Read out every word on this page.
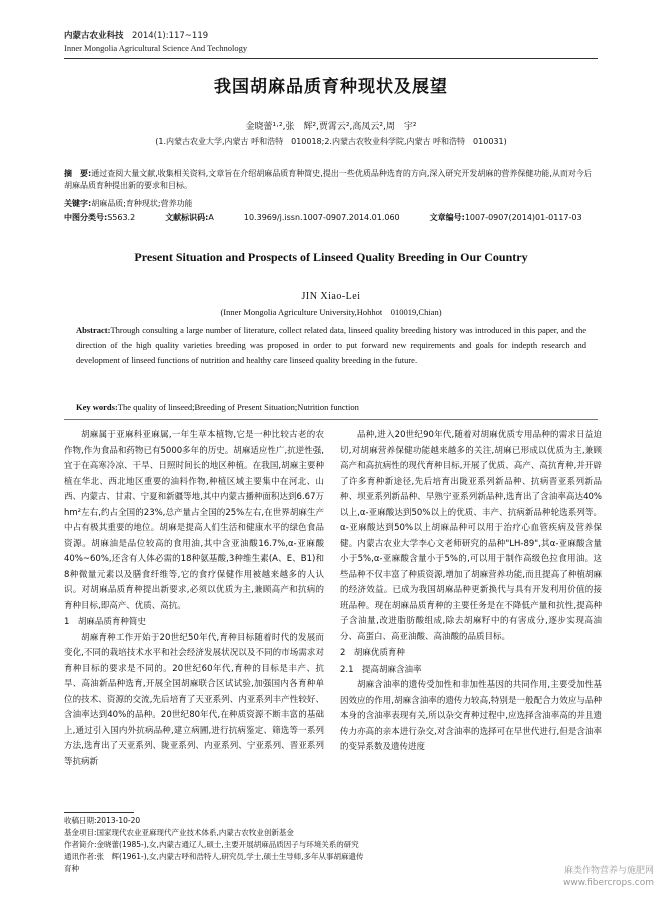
内蒙古农业科技　 2014(1):117~119
Inner Mongolia Agricultural Science And Technology
我国胡麻品质育种现状及展望
金晓蕾¹·²,张　辉²,贾霄云²,高凤云²,周　宇²
(1.内蒙古农业大学,内蒙古 呼和浩特　010018;2.内蒙古农牧业科学院,内蒙古 呼和浩特　010031)
摘　要:通过查阅大量文献,收集相关资料,文章旨在介绍胡麻品质育种简史,提出一些优质品种选育的方向,深入研究开发胡麻的营养保健功能,从而对今后胡麻品质育种提出新的要求和目标。
关键字:胡麻品质;育种现状;营养功能
中图分类号:S563.2	文献标识码:A	10.3969/j.issn.1007-0907.2014.01.060	文章编号:1007-0907(2014)01-0117-03
Present Situation and Prospects of Linseed Quality Breeding in Our Country
JIN Xiao-Lei
(Inner Mongolia Agriculture University,Hohhot　010019,Chian)
Abstract:Through consulting a large number of literature, collect related data, linseed quality breeding history was introduced in this paper, and the direction of the high quality varieties breeding was proposed in order to put forward new requirements and goals for indepth research and development of linseed functions of nutrition and healthy care linseed quality breeding in the future.
Key words:The quality of linseed;Breeding of Present Situation;Nutrition function

胡麻属于亚麻科亚麻属,一年生草本植物,它是一种比较古老的农作物,作为食品和药物已有5000多年的历史。胡麻适应性广,抗逆性强,宜于在高寒冷凉、干旱、日照时间长的地区种植。在我国,胡麻主要种植在华北、西北地区重要的油料作物,种植区域主要集中在河北、山西、内蒙古、甘肃、宁夏和新疆等地,其中内蒙古播种面积达到6.67万hm²左右,约占全国的23%,总产量占全国的25%左右,在世界胡麻生产中占有极其重要的地位。胡麻是提高人们生活和健康水平的绿色食品资源。胡麻油是品位较高的食用油,其中含亚油酸16.7%,α-亚麻酸40%~60%,还含有人体必需的18种氨基酸,3种维生素(A、E、B1)和8种微量元素以及膳食纤维等,它的食疗保健作用被越来越多的人认识。对胡麻品质育种提出新要求,必须以优质为主,兼顾高产和抗病的育种目标,即高产、优质、高抗。

1　胡麻品质育种简史

胡麻育种工作开始于20世纪50年代,育种目标随着时代的发展而变化,不同的栽培技术水平和社会经济发展状况以及不同的市场需求对育种目标的要求是不同的。20世纪60年代,育种的目标是丰产、抗旱、高油新品种选育,开展全国胡麻联合区试试验,加强国内各育种单位的技术、资源的交流,先后培育了天亚系列、内亚系列丰产性较好、含油率达到40%的品种。20世纪80年代,在种质资源不断丰富的基础上,通过引入国内外抗病品种,建立病圃,进行抗病鉴定、筛选等一系列方法,选育出了天亚系列、陇亚系列、内亚系列、宁亚系列、晋亚系列等抗病新

品种,进入20世纪90年代,随着对胡麻优质专用品种的需求日益迫切,对胡麻营养保健功能越来越多的关注,胡麻已形成以优质为主,兼顾高产和高抗病性的现代育种目标,开展了优质、高产、高抗育种,并开辟了许多育种新途径,先后培育出陇亚系列新品种、抗病晋亚系列新品种、坝亚系列新品种、早熟宁亚系列新品种,选育出了含油率高达40%以上,α-亚麻酸达到50%以上的优质、丰产、抗病新品种轮选系列等。α-亚麻酸达到50%以上胡麻品种可以用于治疗心血管疾病及营养保健。内蒙古农业大学李心文老师研究的品种"LH-89",其α-亚麻酸含量小于5%,α-亚麻酸含量小于5%的,可以用于制作高级色拉食用油。这些品种不仅丰富了种质资源,增加了胡麻营养功能,而且提高了种植胡麻的经济效益。已成为我国胡麻品种更新换代与具有开发利用价值的接班品种。现在胡麻品质育种的主要任务是在不降低产量和抗性,提高种子含油量,改进脂肪酸组成,除去胡麻籽中的有害成分,逐步实现高油分、高蛋白、高亚油酸、高油酸的品质目标。

2　胡麻优质育种

2.1　提高胡麻含油率

胡麻含油率的遗传受加性和非加性基因的共同作用,主要受加性基因效应的作用,胡麻含油率的遗传力较高,特别是一般配合力效应与品种本身的含油率表现有关,所以杂交育种过程中,应选择含油率高的并且遗传力亦高的亲本进行杂交,对含油率的选择可在早世代进行,但是含油率的变异系数及遗传进度

收稿日期:2013-10-20
基金项目:国家现代农业亚麻现代产业技术体系,内蒙古农牧业创新基金
作者简介:金晓蕾(1985-),女,内蒙古通辽人,硕士,主要开展胡麻品质因子与环境关系的研究
通讯作者:张　辉(1961-),女,内蒙古呼和浩特人,研究员,学士,硕士生导师,多年从事胡麻遗传育种	麻类作物营养与施肥网
www.fibercrops.com
